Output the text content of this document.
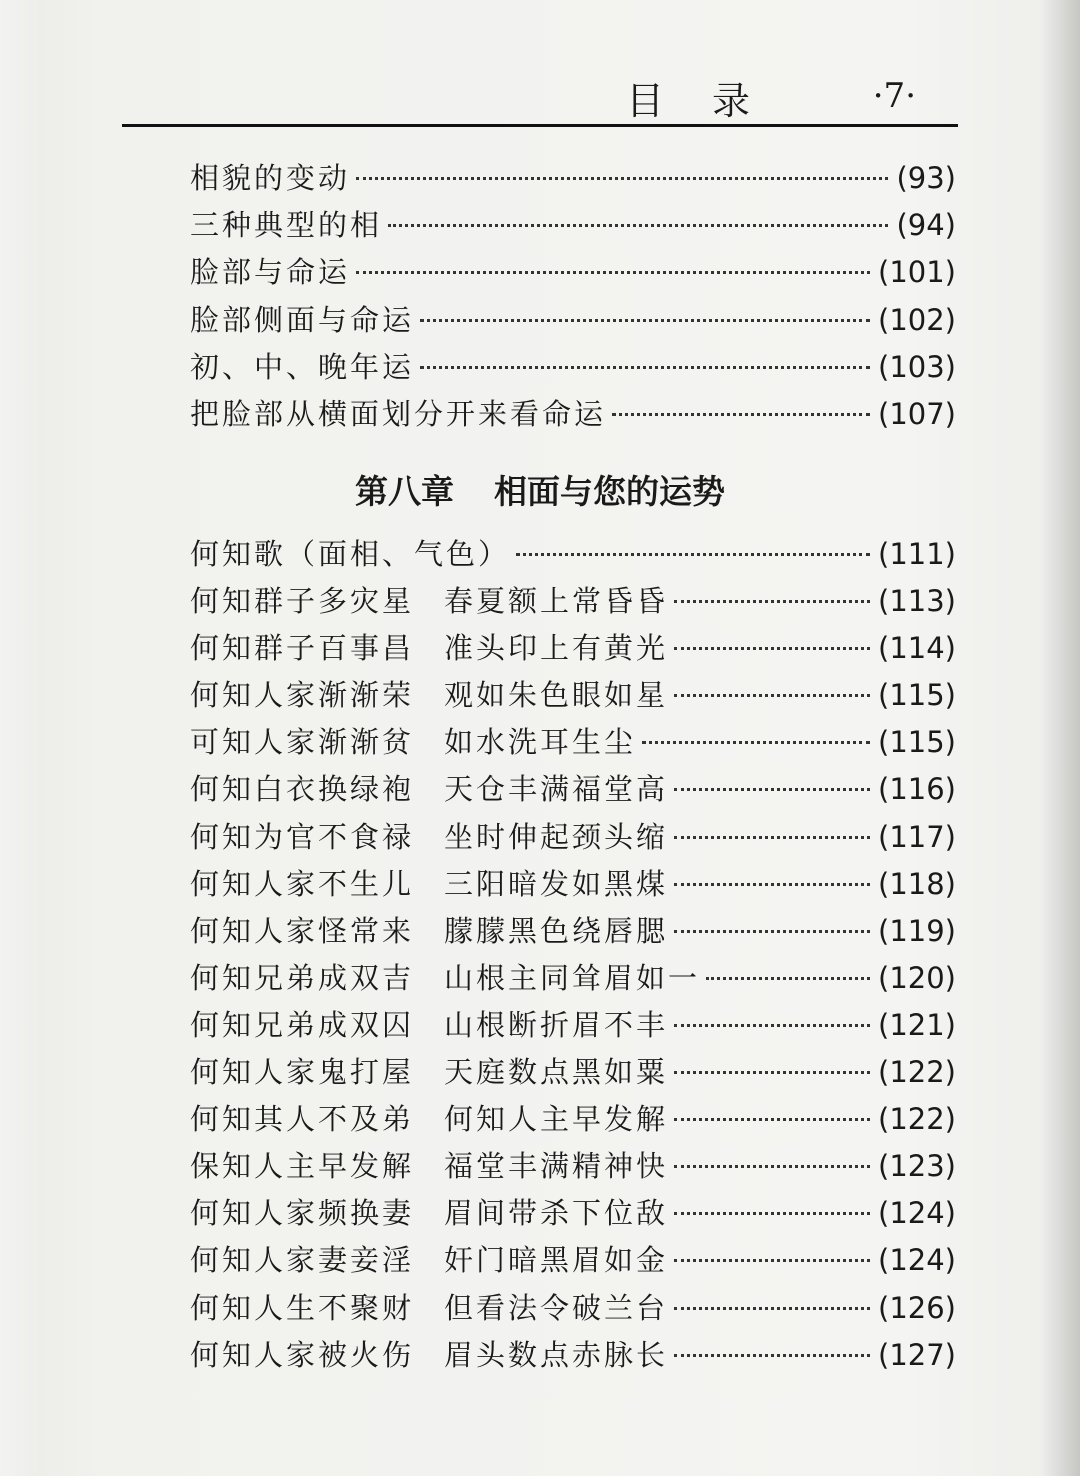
目录 ·7·
相貌的变动	(93)
三种典型的相	(94)
脸部与命运	(101)
脸部侧面与命运	(102)
初、中、晚年运	(103)
把脸部从横面划分开来看命运	(107)
第八章 相面与您的运势
何知歌（面相、气色）	(111)
何知群子多灾星	春夏额上常昏昏	(113)
何知群子百事昌	准头印上有黄光	(114)
何知人家渐渐荣	观如朱色眼如星	(115)
可知人家渐渐贫	如水洗耳生尘	(115)
何知白衣换绿袍	天仓丰满福堂高	(116)
何知为官不食禄	坐时伸起颈头缩	(117)
何知人家不生儿	三阳暗发如黑煤	(118)
何知人家怪常来	朦朦黑色绕唇腮	(119)
何知兄弟成双吉	山根主同耸眉如一	(120)
何知兄弟成双囚	山根断折眉不丰	(121)
何知人家鬼打屋	天庭数点黑如粟	(122)
何知其人不及弟	何知人主早发解	(122)
保知人主早发解	福堂丰满精神快	(123)
何知人家频换妻	眉间带杀下位敌	(124)
何知人家妻妾淫	奸门暗黑眉如金	(124)
何知人生不聚财	但看法令破兰台	(126)
何知人家被火伤	眉头数点赤脉长	(127)
